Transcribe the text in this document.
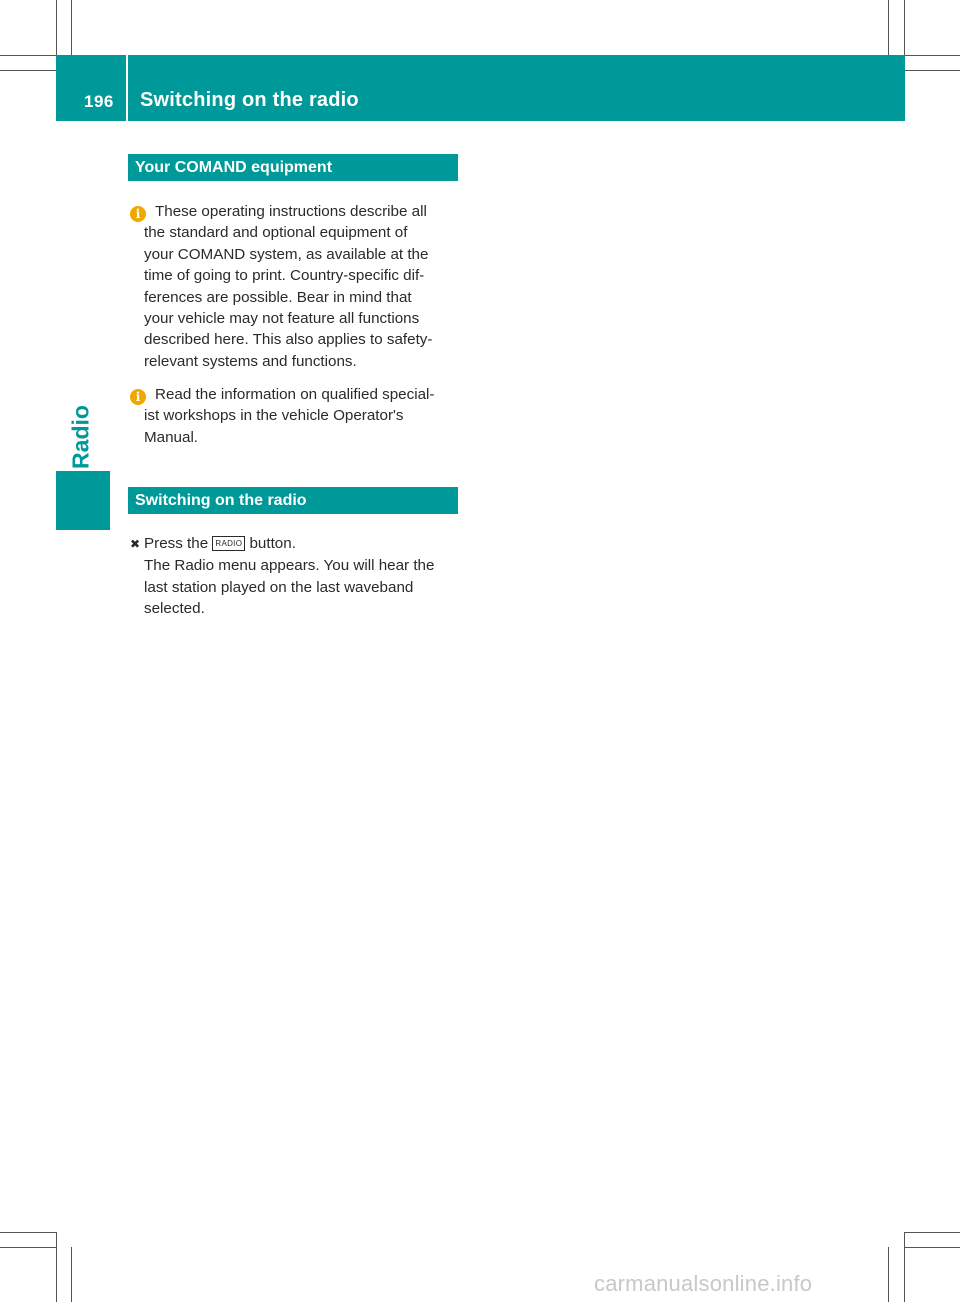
196 Switching on the radio
Radio
Your COMAND equipment
i These operating instructions describe all
the standard and optional equipment of
your COMAND system, as available at the
time of going to print. Country-specific dif-
ferences are possible. Bear in mind that
your vehicle may not feature all functions
described here. This also applies to safety-
relevant systems and functions.
i Read the information on qualified special-
ist workshops in the vehicle Operator's
Manual.
Switching on the radio
✖ Press the RADIO button.
The Radio menu appears. You will hear the
last station played on the last waveband
selected.
carmanualsonline.info
